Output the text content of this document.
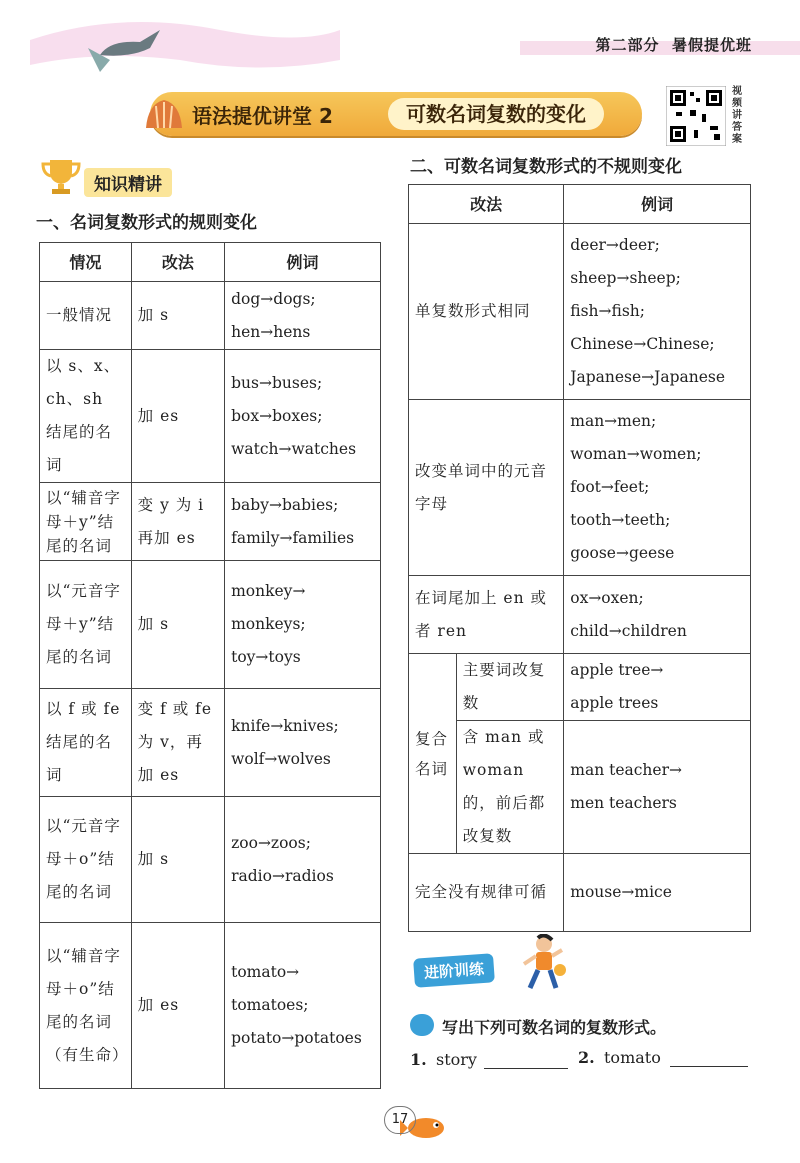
第二部分 暑假提优班
语法提优讲堂 2	可数名词复数的变化
视频讲答案
知识精讲
一、名词复数形式的规则变化
二、可数名词复数形式的不规则变化
情况	改法	例词
一般情况	加 s	dog→dogs;
hen→hens

以 s、x、ch、sh 结尾的名词	加 es	bus→buses;
box→boxes;
watch→watches

以“辅音字母＋y”结尾的名词	变 y 为 i 再加 es	baby→babies;
family→families

以“元音字母＋y”结尾的名词	加 s	monkey→
monkeys;
toy→toys

以 f 或 fe 结尾的名词	变 f 或 fe 为 v，再加 es	knife→knives;
wolf→wolves

以“元音字母＋o”结尾的名词	加 s	zoo→zoos;
radio→radios

以“辅音字母＋o”结尾的名词（有生命）	加 es	tomato→
tomatoes;
potato→potatoes
改法		例词
单复数形式相同		deer→deer;
sheep→sheep;
fish→fish;
Chinese→Chinese;
Japanese→Japanese

改变单词中的元音字母		man→men;
woman→women;
foot→feet;
tooth→teeth;
goose→geese

在词尾加上 en 或者 ren		ox→oxen;
child→children

复合名词	主要词改复数	apple tree→
apple trees

	含 man 或 woman 的，前后都改复数	man teacher→
men teachers

完全没有规律可循		mouse→mice
进阶训练
写出下列可数名词的复数形式。
1. story	2. tomato
17
